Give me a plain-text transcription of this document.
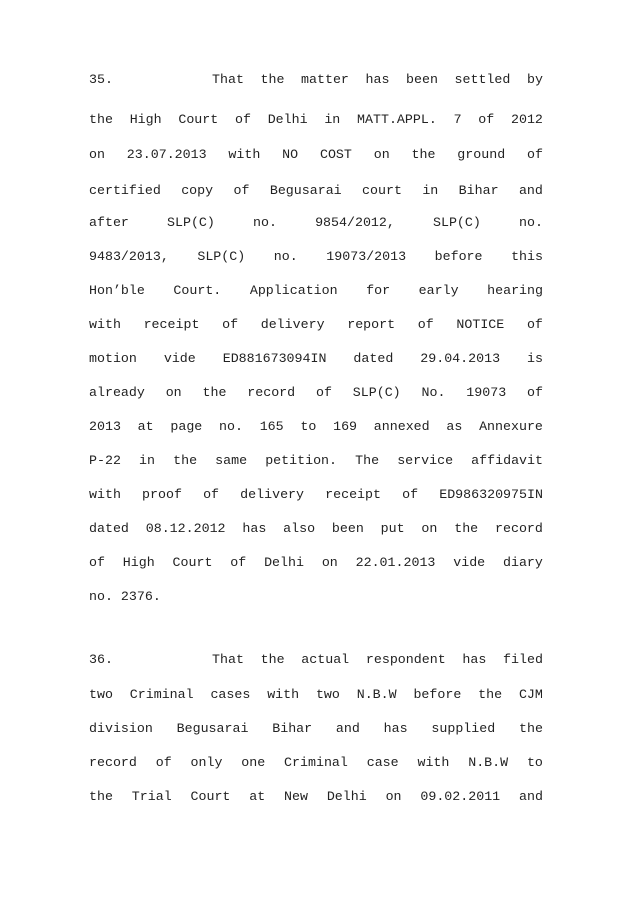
35.	That the matter has been settled by
the High Court of Delhi in MATT.APPL. 7 of 2012
on 23.07.2013 with NO COST on the ground of
certified copy of Begusarai court in Bihar and
after	SLP(C)	no.	9854/2012,	SLP(C)	no.
9483/2013, SLP(C) no. 19073/2013 before this
Hon’ble Court. Application for early hearing
with receipt of delivery report of NOTICE of
motion vide ED881673094IN dated 29.04.2013 is
already on the record of SLP(C) No. 19073 of
2013 at page no. 165 to 169 annexed as Annexure
P-22 in the same petition. The service affidavit
with proof of delivery receipt of ED986320975IN
dated 08.12.2012 has also been put on the record
of High Court of Delhi on 22.01.2013 vide diary
no. 2376.
36.	That the actual respondent has filed
two Criminal cases with two N.B.W before the CJM
division Begusarai Bihar and has supplied the
record of only one Criminal case with N.B.W to
the Trial Court at New Delhi on 09.02.2011 and
